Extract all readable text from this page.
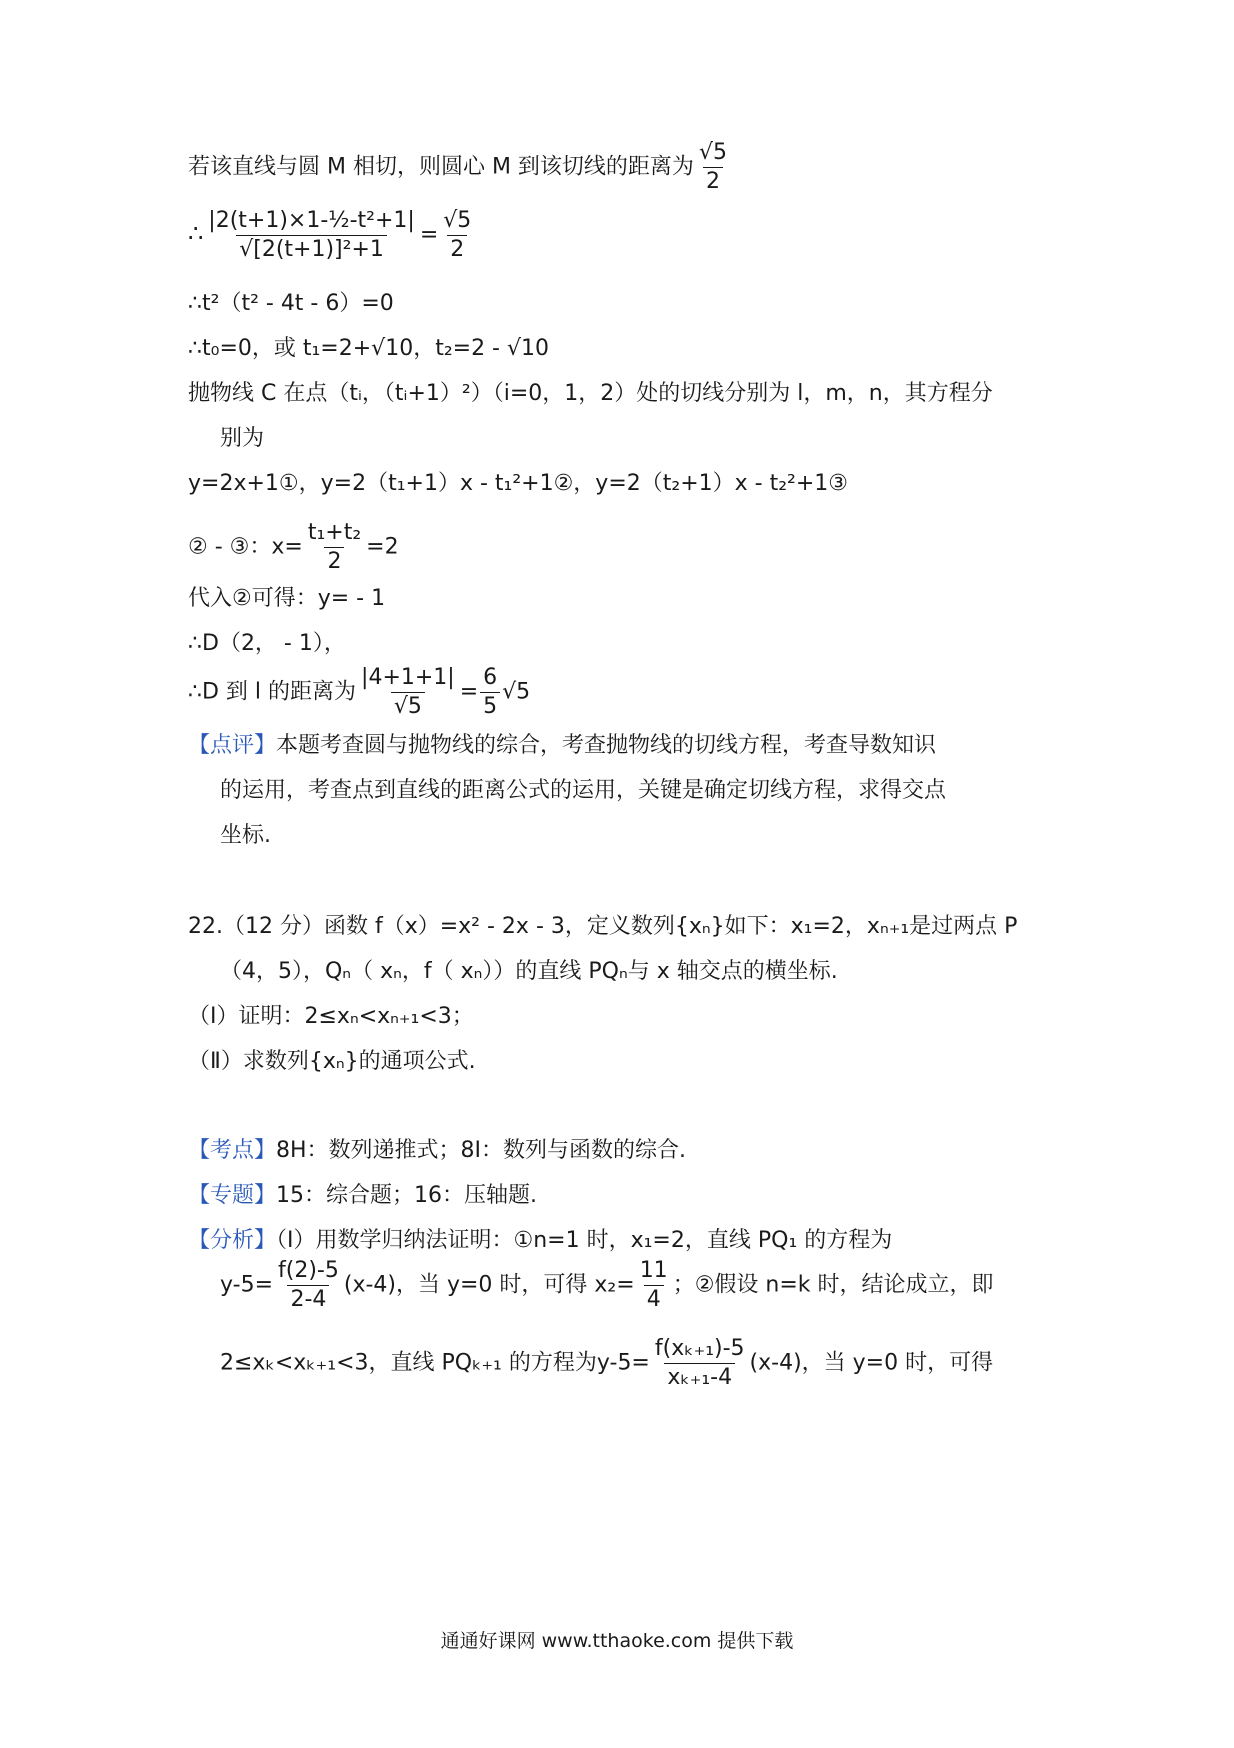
若该直线与圆 M 相切，则圆心 M 到该切线的距离为 $\frac{√5}{2}$
∴ $\frac{\text{|2(t+1)×1-½-t²+1|}}{\text{√[2(t+1)]²+1}} = \frac{√5}{2}$
∴t²（t² - 4t - 6）=0
∴t₀=0，或 t₁=2+√10，t₂=2 - √10
抛物线 C 在点（tᵢ，（tᵢ+1）²）（i=0，1，2）处的切线分别为 l，m，n，其方程分
别为
y=2x+1①，y=2（t₁+1）x - t₁²+1②，y=2（t₂+1）x - t₂²+1③
② - ③：$x= \frac{\text{t₁+t₂}}{2} =2$
代入②可得：y= - 1
∴D（2， - 1），
∴D 到 l 的距离为 $\frac{|4+1+1|}{√5} = \frac{6}{5} √5$
【点评】本题考查圆与抛物线的综合，考查抛物线的切线方程，考查导数知识
的运用，考查点到直线的距离公式的运用，关键是确定切线方程，求得交点
坐标.
22.（12 分）函数 f（x）=x² - 2x - 3，定义数列{xₙ}如下：x₁=2，xₙ₊₁是过两点 P
（4，5），Qₙ（ xₙ，f（ xₙ））的直线 PQₙ与 x 轴交点的横坐标.
（Ⅰ）证明：2≤xₙ<xₙ₊₁<3；
（Ⅱ）求数列{xₙ}的通项公式.
【考点】8H：数列递推式；8I：数列与函数的综合.
【专题】15：综合题；16：压轴题.
【分析】（Ⅰ）用数学归纳法证明：①n=1 时，x₁=2，直线 PQ₁ 的方程为
$y-5= \frac{f(2)-5}{2-4} (x-4)$，当 y=0 时，可得 $x_2= \frac{11}{4}$ ；②假设 n=k 时，结论成立，即
2≤xₖ<xₖ₊₁<3，直线 PQₖ₊₁ 的方程为$y-5= \frac{\text{f(xₖ₊₁)-5}}{\text{xₖ₊₁-4}} (x-4)$，当 y=0 时，可得
通通好课网 www.tthaoke.com 提供下载
